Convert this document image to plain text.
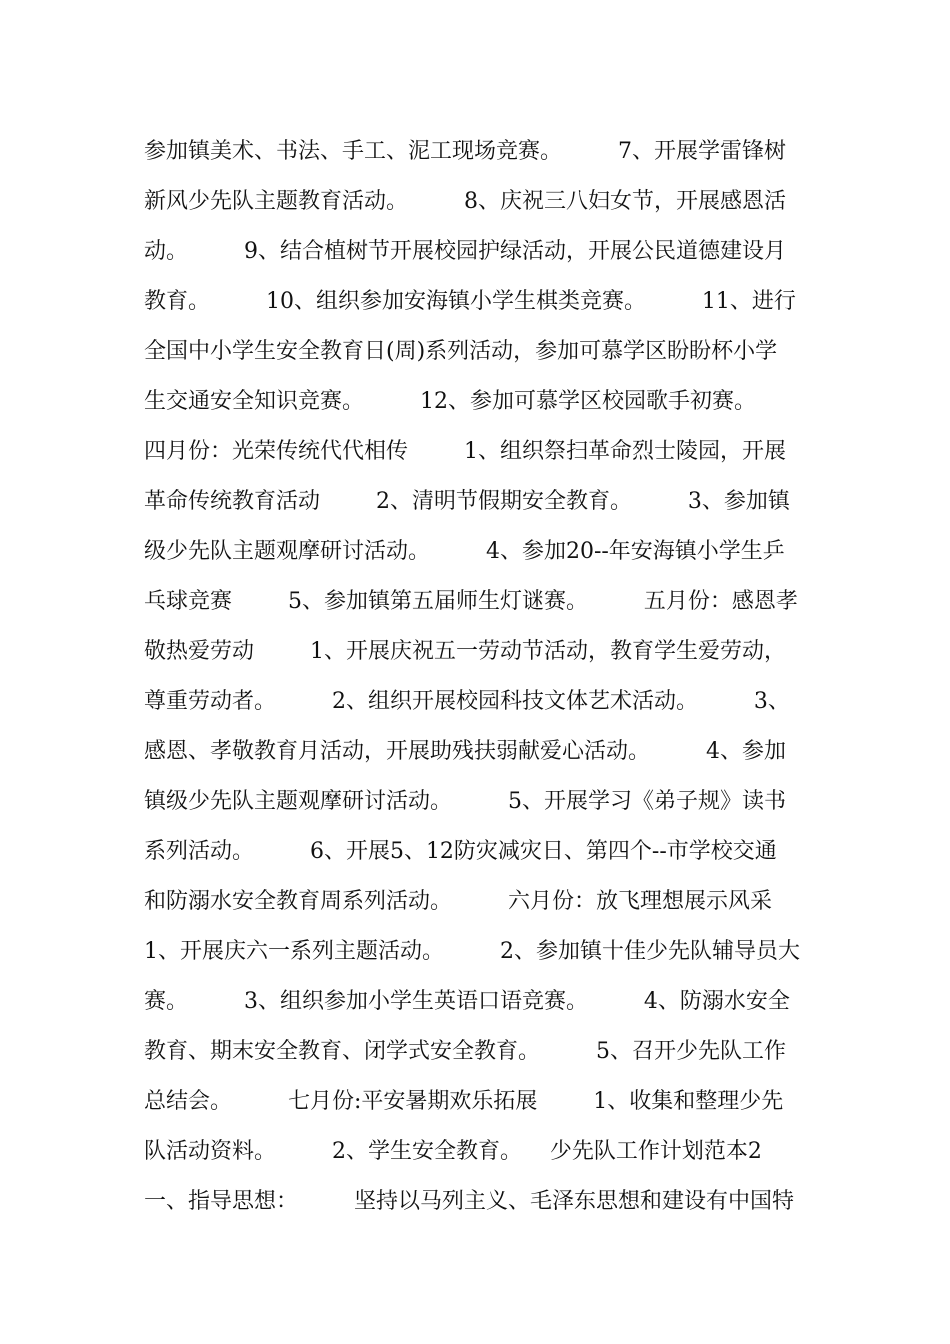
参加镇美术、书法、手工、泥工现场竞赛。        7、开展学雷锋树
新风少先队主题教育活动。        8、庆祝三八妇女节，开展感恩活
动。        9、结合植树节开展校园护绿活动，开展公民道德建设月
教育。        10、组织参加安海镇小学生棋类竞赛。        11、进行
全国中小学生安全教育日(周)系列活动，参加可慕学区盼盼杯小学
生交通安全知识竞赛。        12、参加可慕学区校园歌手初赛。
四月份：光荣传统代代相传        1、组织祭扫革命烈士陵园，开展
革命传统教育活动        2、清明节假期安全教育。        3、参加镇
级少先队主题观摩研讨活动。        4、参加20--年安海镇小学生乒
乓球竞赛        5、参加镇第五届师生灯谜赛。        五月份：感恩孝
敬热爱劳动        1、开展庆祝五一劳动节活动，教育学生爱劳动，
尊重劳动者。        2、组织开展校园科技文体艺术活动。        3、
感恩、孝敬教育月活动，开展助残扶弱献爱心活动。        4、参加
镇级少先队主题观摩研讨活动。        5、开展学习《弟子规》读书
系列活动。        6、开展5、12防灾减灾日、第四个--市学校交通
和防溺水安全教育周系列活动。        六月份：放飞理想展示风采
1、开展庆六一系列主题活动。        2、参加镇十佳少先队辅导员大
赛。        3、组织参加小学生英语口语竞赛。        4、防溺水安全
教育、期末安全教育、闭学式安全教育。        5、召开少先队工作
总结会。        七月份:平安暑期欢乐拓展        1、收集和整理少先
队活动资料。        2、学生安全教育。    少先队工作计划范本2
一、指导思想：        坚持以马列主义、毛泽东思想和建设有中国特
